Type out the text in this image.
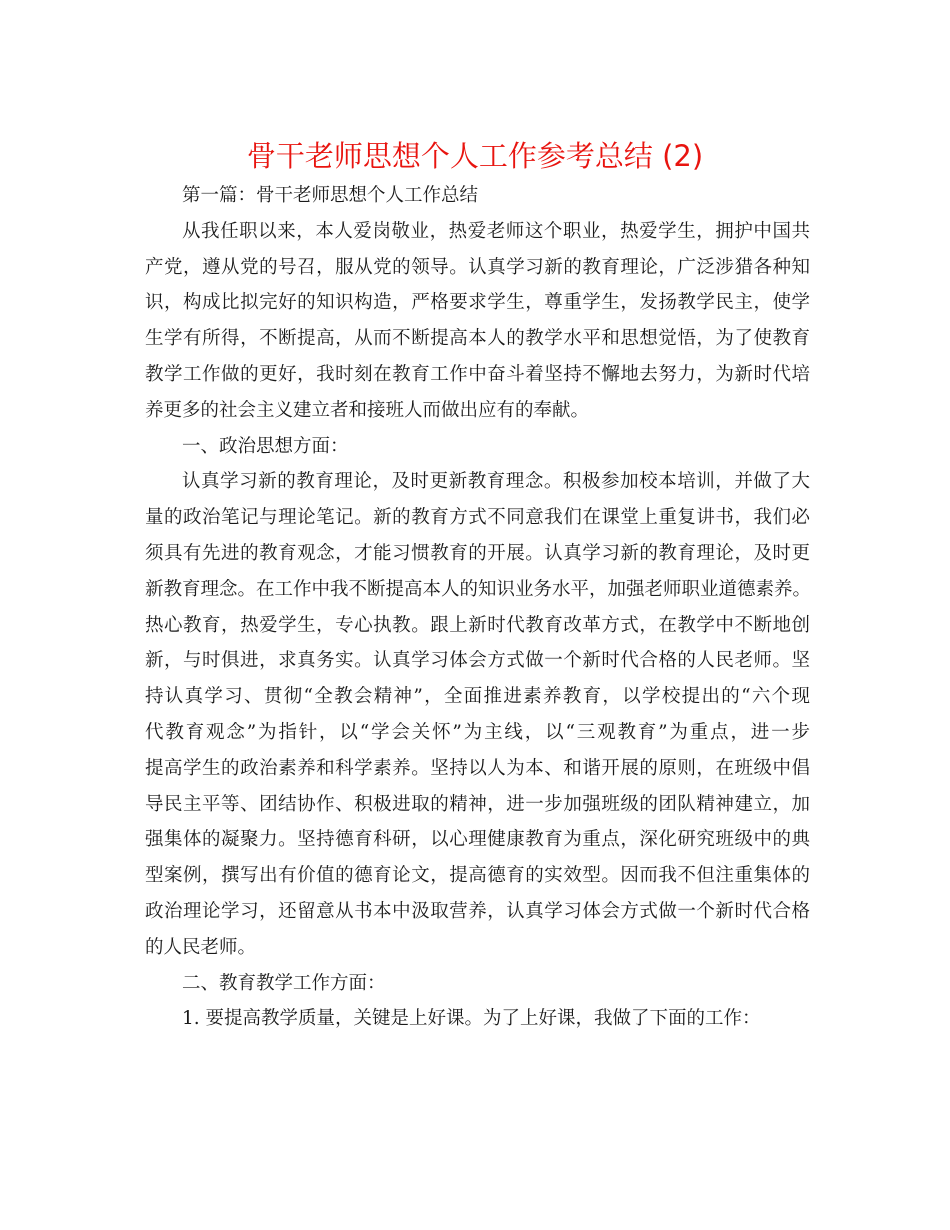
骨干老师思想个人工作参考总结 (2)
第一篇：骨干老师思想个人工作总结
从我任职以来，本人爱岗敬业，热爱老师这个职业，热爱学生，拥护中国共
产党，遵从党的号召，服从党的领导。认真学习新的教育理论，广泛涉猎各种知
识，构成比拟完好的知识构造，严格要求学生，尊重学生，发扬教学民主，使学
生学有所得，不断提高，从而不断提高本人的教学水平和思想觉悟，为了使教育
教学工作做的更好，我时刻在教育工作中奋斗着坚持不懈地去努力，为新时代培
养更多的社会主义建立者和接班人而做出应有的奉献。
一、政治思想方面：
认真学习新的教育理论，及时更新教育理念。积极参加校本培训，并做了大
量的政治笔记与理论笔记。新的教育方式不同意我们在课堂上重复讲书，我们必
须具有先进的教育观念，才能习惯教育的开展。认真学习新的教育理论，及时更
新教育理念。在工作中我不断提高本人的知识业务水平，加强老师职业道德素养。
热心教育，热爱学生，专心执教。跟上新时代教育改革方式，在教学中不断地创
新，与时俱进，求真务实。认真学习体会方式做一个新时代合格的人民老师。坚
持认真学习、贯彻“全教会精神”，全面推进素养教育，以学校提出的“六个现
代教育观念”为指针，以“学会关怀”为主线，以“三观教育”为重点，进一步
提高学生的政治素养和科学素养。坚持以人为本、和谐开展的原则，在班级中倡
导民主平等、团结协作、积极进取的精神，进一步加强班级的团队精神建立，加
强集体的凝聚力。坚持德育科研，以心理健康教育为重点，深化研究班级中的典
型案例，撰写出有价值的德育论文，提高德育的实效型。因而我不但注重集体的
政治理论学习，还留意从书本中汲取营养，认真学习体会方式做一个新时代合格
的人民老师。
二、教育教学工作方面：
1. 要提高教学质量，关键是上好课。为了上好课，我做了下面的工作：
